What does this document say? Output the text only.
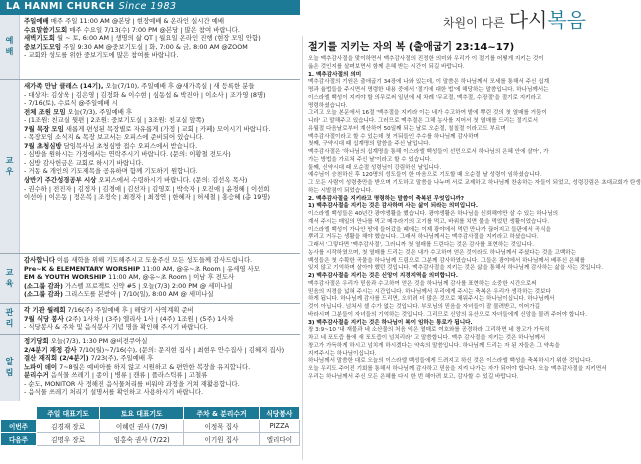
LA HANMI CHURCH Since 1983
차원이 다른 다시복음
예배
주일예배 매주 주일 11:00 AM @본당 | 현장예배 & 온라인 실시간 예배
수요말씀기도회 매주 수요일 7/13(수) 7:00 PM @본당 | 많은 참여 바랍니다.
새벽기도회 월 ~ 토, 6:00 AM | 생명의 삶 QT | 월요일 온라인 진행 (현장 모임 안함)
중보기도모임 주일 9:30 AM @중보기도실 | 화, 7:00 & 금, 8:00 AM @ZOOM
- 교회와 성도를 위한 중보기도에 많은 참여를 바랍니다.
교우
새가족 만남 클래스 (14기), 오늘(7/10), 주일예배 후 @새가족실 | 새 등록한 분들
- 대상자: 김상욱 | 김은영 | 김정화 & 이수현 | 심동섭 & 박진아 | 이소사 | 조가영 (8명)
- 7/16(토), 수료식 @주일예배 시
전체 조원 모임 오늘(7/3), 주일예배 후
- (1조원: 친교실 뒷편 | 2조원: 중보기도실 | 3조원: 친교실 앞쪽)
7월 목장 모임 새롭게 편성된 목장별로 자유롭게 (가정 | 교회 | 카페) 모이시기 바랍니다.
- 목장모임 소식지 & 목장 보고서는 오피스에 준비되어 있습니다.
7월 초청심방 담임목사님 초청심방 접수 오피스에서 받습니다.
- 심방을 원하시는 가정에서는 연락주시기 바랍니다. (문의: 이황철 전도사)
- 심방 감사헌금은 교회로 하시기 바랍니다.
- 거동 & 개인의 기도제목을 공유하며 함께 기도하기 원합니다.
상반기 주간성경공부 시상 오피스에서 수령하시기 바랍니다. (문의: 김선옥 목사)
- 권수하 | 전진자 | 김정자 | 김경애 | 김선자 | 김영호 | 박숙자 | 오진애 | 윤경혜 | 이선희
이선아 | 이은동 | 정은복 | 조정숙 | 최경자 | 최정연 | 한혜자 | 허세철 | 홍승혜 (총 19명)
교육
감사합니다 이름 새학을 위해 기도해주시고 도움주신 모든 성도들께 감사드립니다.
Pre~K & ELEMENTARY WORSHIP 11:00 AM, @유~초 Room | 유세영 사모
EM & YOUTH WORSHIP 11:00 AM, @유~초 Room | 이남 후 전도사
(소그룹 감좌) 가스펠 프로젝트 신약 #5 | 오늘(7/3) 2:00 PM @ 세미나실
(소그룹 감좌) 그리스도를 본받아 | 7/10(일), 8:00 AM @ 세미나실
관리 각 기관 월례회 7/16(주) 주일예배 후 | 해당기 사역계획 준비
7월 식당 봉사 (2주) 1사차 | (3주) 엘리사 1사 | (4주) 1조원 | (5주) 1사차
- 식당봉사 & 주차 및 음식봉사 기념 명을 확인해 주시기 바랍니다.
알림
정기당회 오늘(7/3), 1:30 PM @비전쿠아실
2/4분기 재정 감사 7/10(월)~7/16(수), (문의: 문지현 집사 | 최현우 안수집사 | 김혜지 집사)
결산 재직회 (2/4분기) 7/23(주), 주일예배 후
노파이 데이 7~8월은 예비아를 하지 않고 시원하고 & 편안한 복장을 유지합니다.
분리수거 음식물 쓰레기 | 종이 | 병류 | 캔류 | 플라스틱류 | 고철류
- 순도, MONITOR 사 정해진 음식물처리를 비워야 과정을 거쳐 재활용합니다.
- 음식물 쓰레기 처리기 설명서를 확인하고 사용하시기 바랍니다.
	주일 대표기도	토요 대표기도	주차 & 분리수거	식당봉사
이번주	김경재 장로	이혜린 권사 (7/9)	이정묵 집사	PIZZA
다음주	김명우 장로	임홍숙 권사 (7/22)	이기원 집사	엘리다이
절기를 지키는 자의 복 (출애굽기 23:14~17)
오늘 맥추감사절을 맞이하면서 맥추감사절의 진정한 의미와 우리가 이 절기를 어떻게 지키는 것이
옳은 것인지를 살펴보면서 함께 은혜 받는 시간이 되길 바랍니다.
1. 맥추감사절의 의미
맥추감사절의 기원은 출애굽기 34장에 나와 있는데, 이 말씀은 하나님께서 모세를 통해서 주신 십계
명과 율법들을 주시면서 명령한 내용 중에서 '절기에 대한 법'에 해당하는 말씀입니다. 하나님께서는
이스라엘 백성이 지켜야 할 의무로써 일년에 세 차례 '무교절, 맥추절, 수장절'을 절기로 지키라고
명령하셨습니다.
그리고 오늘 본문에서 16절 '맥추절을 지키라 이는 네가 수고하여 밭에 뿌린 것의 첫 열매를 거둠이
니라' 고 말해주고 있습니다. 그러므로 맥추절은 그해 농사를 지어서 첫 열매를 드리는 절기로서
유월절 다음날로부터 계산하여 50일째 되는 날로 오순절, 칠칠절 이라고도 부르며
맥추감사절이라고 할 수 있는데 첫 거둬들인 추수를 하나님께 감사하며
첫째, 구약시대 때 십계명의 말씀을 주신 날입니다.
맥추감사절은 '하나님의 십계명을 통해 이스라엘 백성들이 선민으로서 하나님의 은혜 안에 살아', 가
가는 방법을 가르쳐 주신 날'이라고 할 수 있습니다.
둘째, 신약시대 때 오순절 성령님이 강림하신 날입니다.
예수님이 승천하신 후 120명의 성도들이 한 마음으로 기도할 때 오순절 날 성령이 임하셨습니다.
그 모든 사람이 성령충만을 받으며 기도하고 말씀을 나누며 서로 교제하고 하나님께 찬송하는 자들이 되었고, 성령강림은 초대교회가 탄생
하는 시발점이 되었습니다.
2. 맥추감사절을 지키라고 명령하는 말씀이 축복된 무엇입니까?
1) 맥추감사절을 지키는 것은 감사하며 사는 삶이 되라는 의미입니다.
이스라엘 백성들은 40년간 광야생활을 했습니다. 광야생활은 하나님을 신뢰해야만 살 수 있는 하나님의
계서 주시는 매일의 만나를 먹고 메추라기의 고기를 먹고, 바위를 치면 물을 먹었던 생활이었습니다.
이스라엘 백성이 가나안 땅에 들어갔을 때에는 이제 광야에서 먹던 만나가 끊어지고 들판에서 곡식을
뿌리고 거두는 생활을 해야 했습니다. 그래서 하나님께서는 맥추감사절을 지키라고 하셨습니다.
그래서 '그렇다면 '맥추감사절', 그러니까 첫 열매를 드린다는 것은 감사를 표현하는 것입니다.
농사를 시작하였으며, 첫 열매를 드리는 것은 내가 수고하여 얻은 것이라도 하나님께서 주셨다는 것을 고백하는
백성들은 첫 수확한 곡물을 하나님께 드림으로 그분께 감사하였습니다. 그들은 광야에서 하나님께서 베푸신 은혜를
잊지 않고 기억하며 살아야 했던 것입니다. 맥추감사절을 지키는 것은 삶을 통해서 하나님께 감사하는 삶을 사는 것입니다.
2) 맥추감사절을 지키는 것은 신앙이 지경지역을 의미합니다.
맥추감사절은 우리가 믿음과 수고하여 얻은 것을 하나님께 감사를 표현하는 소중한 시간으로써
믿음의 지경을 넓혀 주시는 시간입니다. 하나님께서 우리에게 주시는 축복은 우리가 생각하는 것보다
하게 됩니다. 하나님께 감사를 드리면, 오히려 더 많은 것으로 채워주시는 하나님이십니다. 하나님께서
것이 아닙니다. 넘쳐서 셀 수가 없는 것입니다. 부모님의 믿음을 자녀들이 잘 물려받고, 이어가길
바라시며 그분들이 자녀들의 기억하는 것입니다. 그리므로 신앙의 유산으로 자녀들에게 신앙을 물려 주어야 합니다.
3) 맥추감사절을 지키는 것은 하나님이 복이 임하는 통로가 됩니다.
창 3:9~10 '내 재물과 네 소산물의 처음 익은 열매로 여호와를 공경하라 그리하면 네 창고가 가득히
차고 네 포도즙 틀에 새 포도즙이 넘치리라' 고 말씀합니다. 맥추 감사절을 지키는 것은 하나님께서
창고가 가득하게 하시고 넘치게 하시겠다는 약속의 말씀입니다. 하나님께 드리는 자 된 자들은 그 약속을
지켜주시는 하나님이십니다.
하나님께서 말씀한 대로 오늘의 이스라엘 백성들에게 드려지고 하신 것은 이스라엘 백성을 축복하시기 위한 것입니다.
오늘 우리도 주어진 기회를 통해서 하나님께 감사하고 믿음을 지켜 나가는 자가 되어야 합니다. 오늘 맥추감사절을 지키면서
우리는 하나님께서 주신 모든 은혜를 다시 한 번 헤아려 보고, 감사할 수 있길 바랍니다.
